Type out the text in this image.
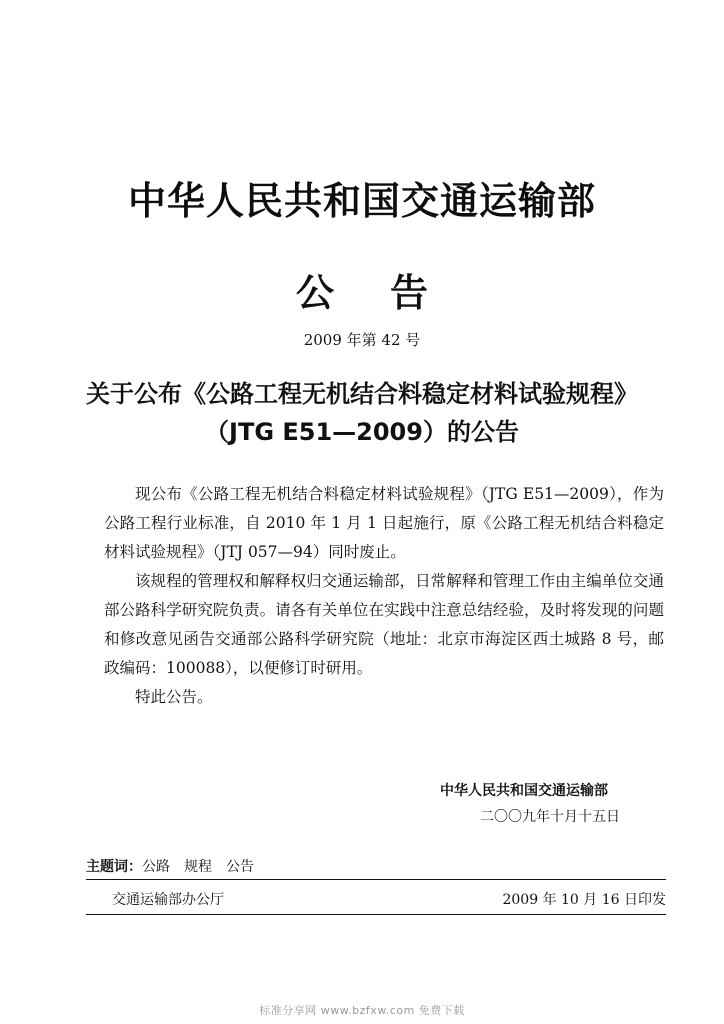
中华人民共和国交通运输部
公 告
2009 年第 42 号
关于公布《公路工程无机结合料稳定材料试验规程》
（JTG E51—2009）的公告

现公布《公路工程无机结合料稳定材料试验规程》（JTG E51—2009），作为公路工程行业标准，自 2010 年 1 月 1 日起施行，原《公路工程无机结合料稳定材料试验规程》（JTJ 057—94）同时废止。

该规程的管理权和解释权归交通运输部，日常解释和管理工作由主编单位交通部公路科学研究院负责。请各有关单位在实践中注意总结经验，及时将发现的问题和修改意见函告交通部公路科学研究院（地址：北京市海淀区西土城路 8 号，邮政编码：100088），以便修订时研用。

特此公告。

中华人民共和国交通运输部
二〇〇九年十月十五日
主题词：公路　规程　公告
交通运输部办公厅	2009 年 10 月 16 日印发
标准分享网 www.bzfxw.com 免费下载
